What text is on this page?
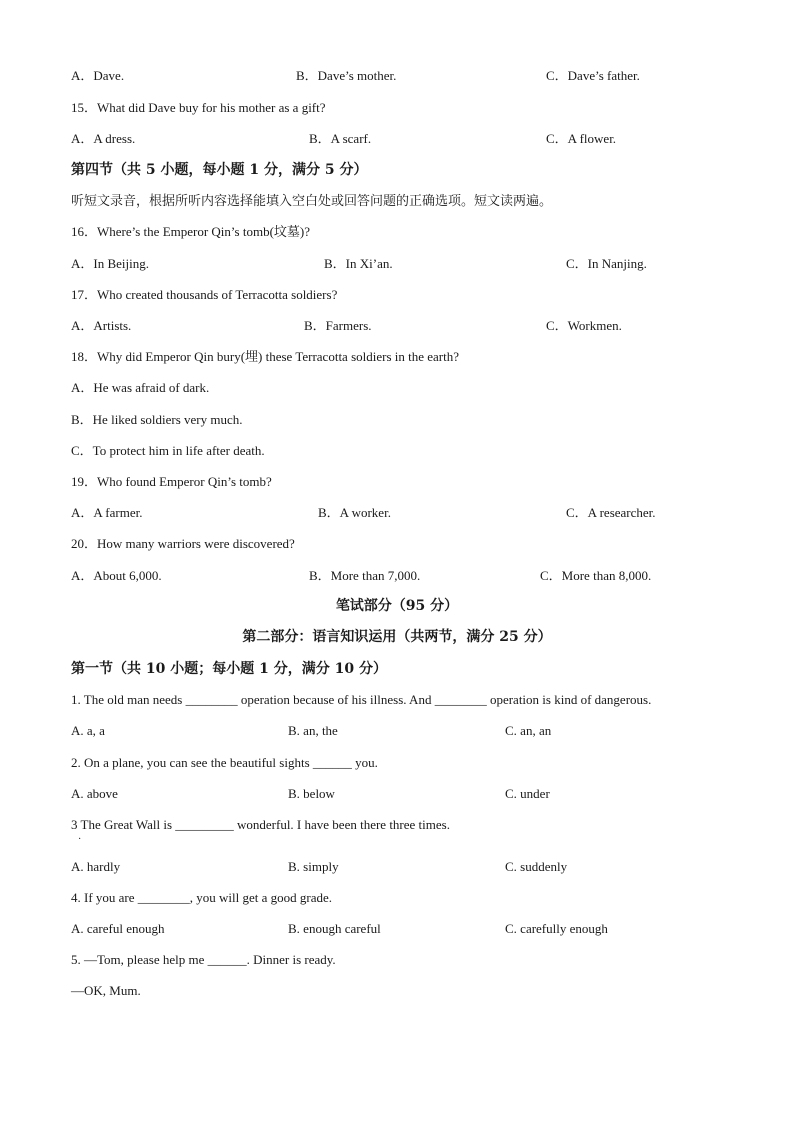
A．Dave.	B．Dave’s mother.	C．Dave’s father.
15．What did Dave buy for his mother as a gift?
A．A dress.	B．A scarf.	C．A flower.
第四节（共 5 小题，每小题 1 分，满分 5 分）
听短文录音，根据所听内容选择能填入空白处或回答问题的正确选项。短文读两遍。
16．Where’s the Emperor Qin’s tomb(坟墓)?
A．In Beijing.	B．In Xi’an.	C．In Nanjing.
17．Who created thousands of Terracotta soldiers?
A．Artists.	B．Farmers.	C．Workmen.
18．Why did Emperor Qin bury(埋) these Terracotta soldiers in the earth?
A．He was afraid of dark.
B．He liked soldiers very much.
C．To protect him in life after death.
19．Who found Emperor Qin’s tomb?
A．A farmer.	B．A worker.	C．A researcher.
20．How many warriors were discovered?
A．About 6,000.	B．More than 7,000.	C．More than 8,000.
笔试部分（95 分）
第二部分：语言知识运用（共两节，满分 25 分）
第一节（共 10 小题；每小题 1 分，满分 10 分）
1. The old man needs ________ operation because of his illness. And ________ operation is kind of dangerous.
A. a, a	B. an, the	C. an, an
2. On a plane, you can see the beautiful sights ______ you.
A. above	B. below	C. under
3 The Great Wall is _________ wonderful. I have been there three times.
·
A. hardly	B. simply	C. suddenly
4. If you are ________, you will get a good grade.
A. careful enough	B. enough careful	C. carefully enough
5. —Tom, please help me ______. Dinner is ready.
—OK, Mum.
